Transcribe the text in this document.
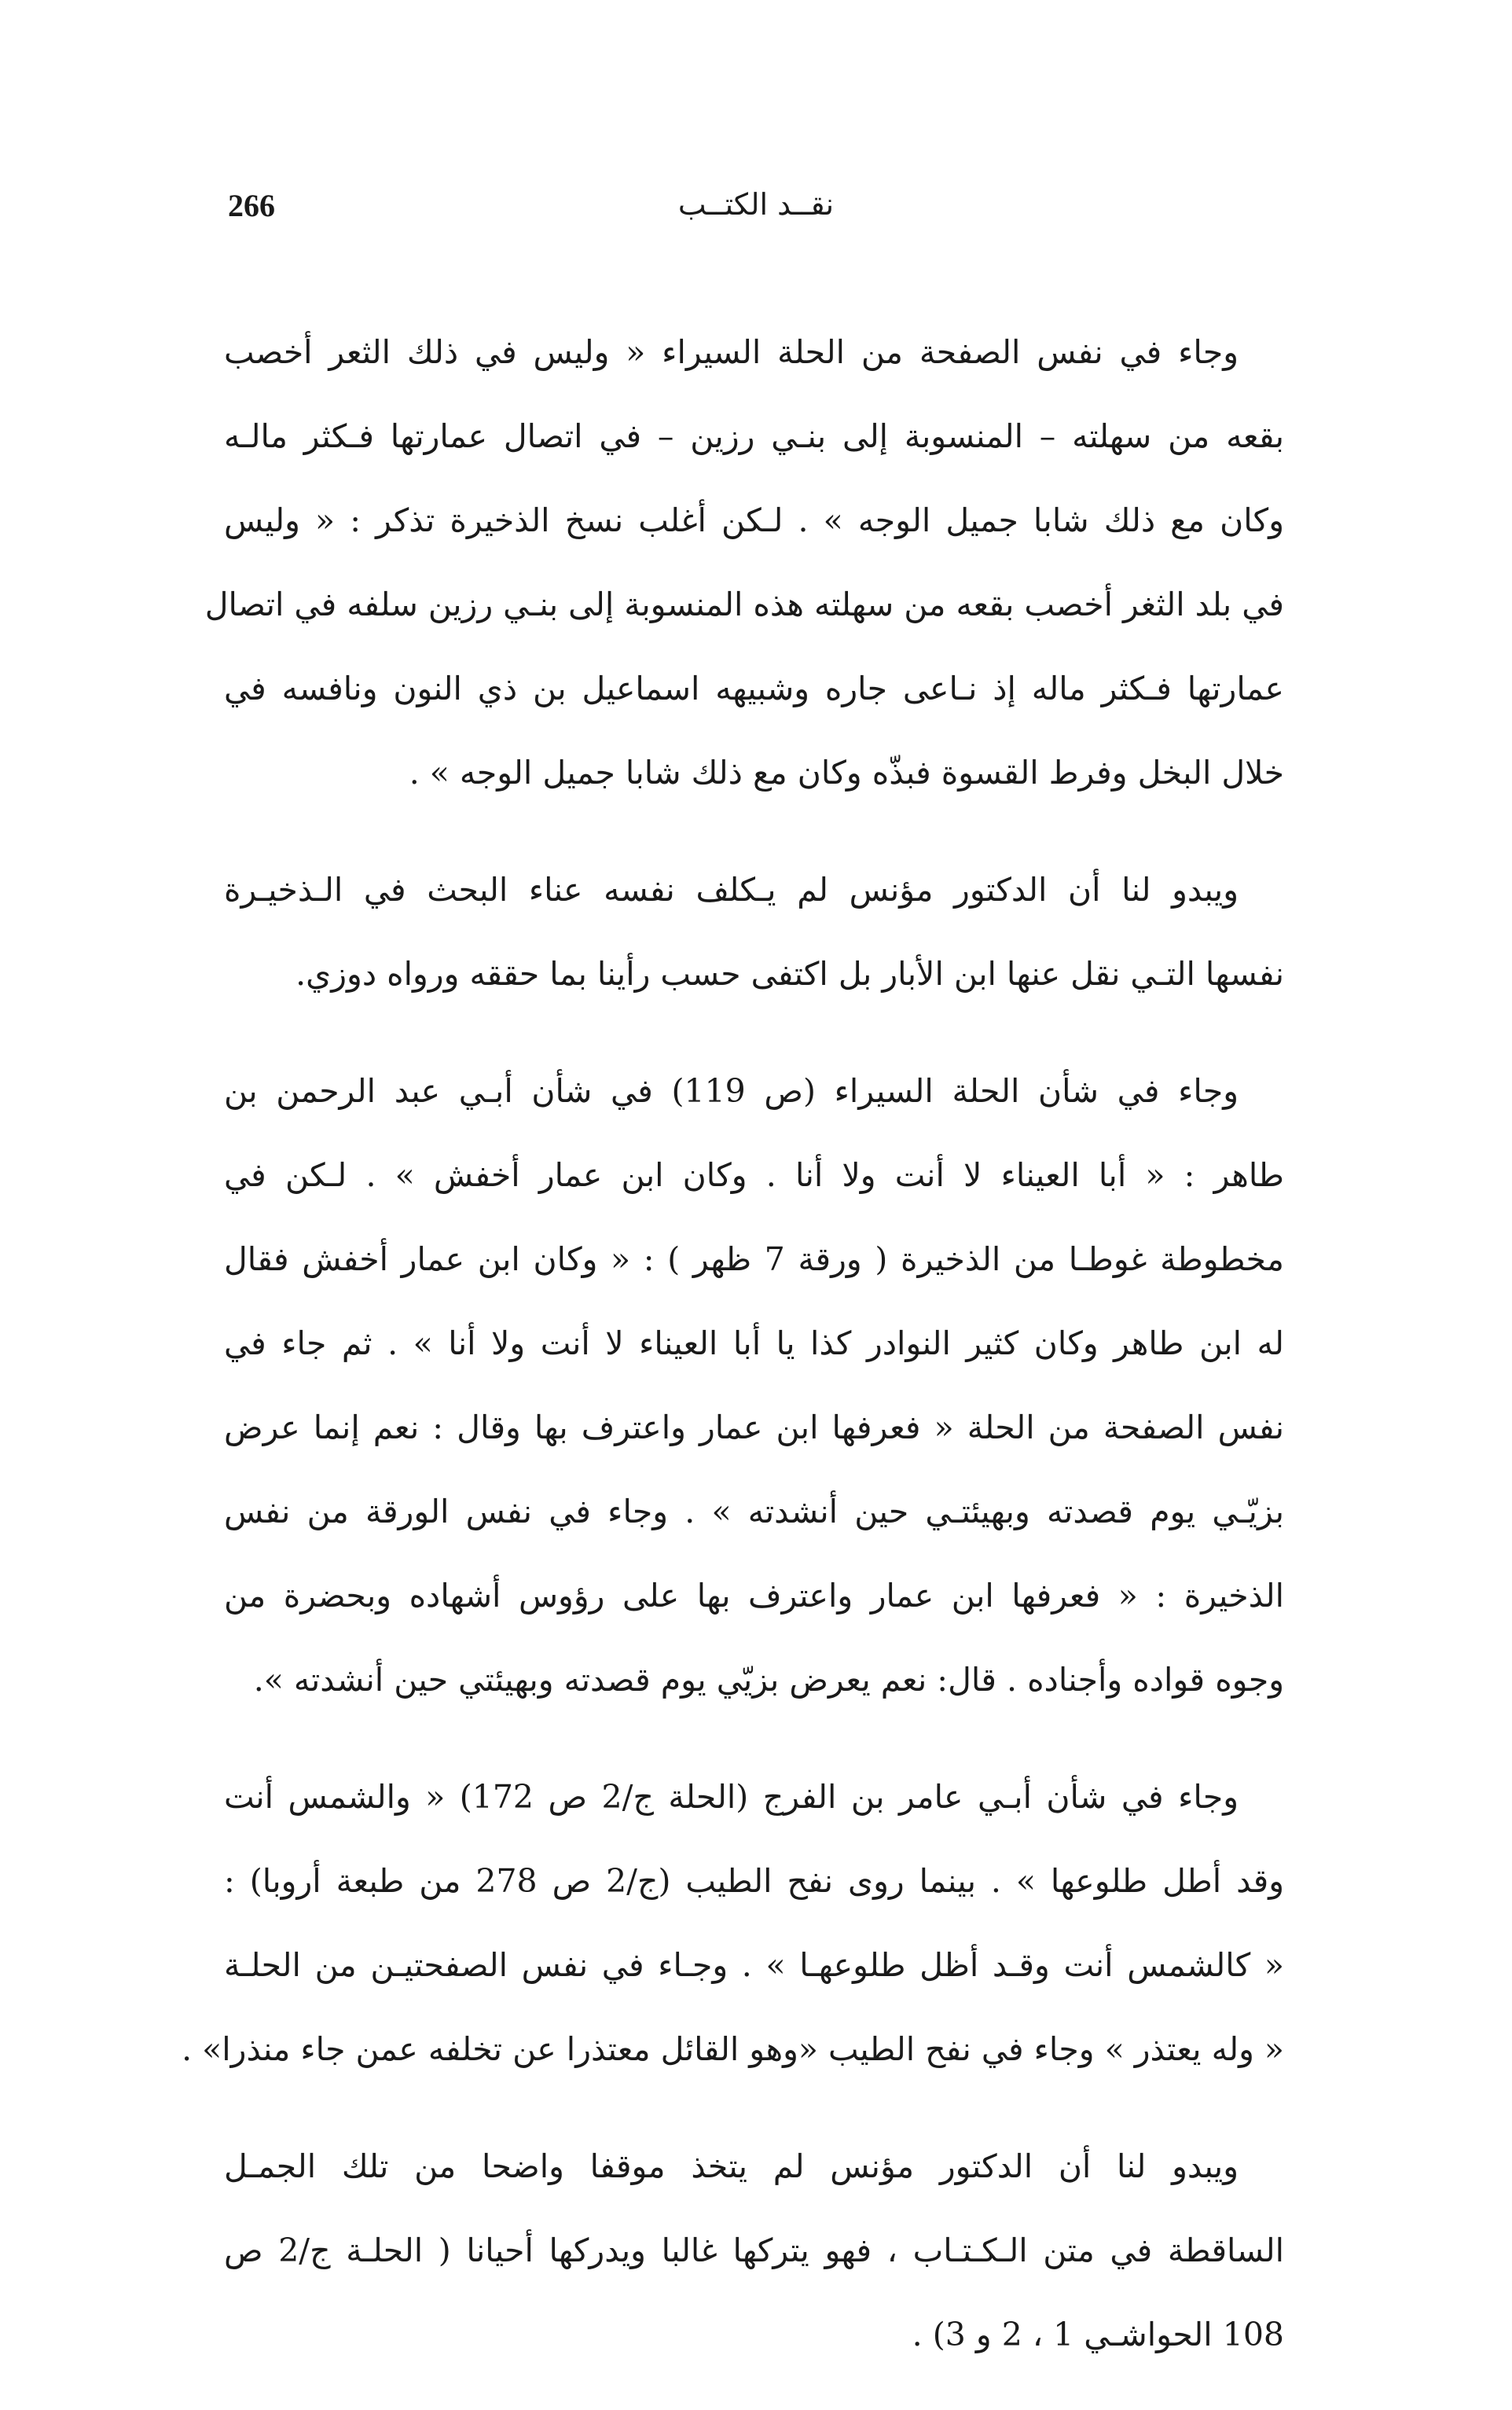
266	نقــد الكتــب

وجاء في نفس الصفحة من الحلة السيراء « وليس في ذلك الثعر أخصب
بقعه من سهلته – المنسوبة إلى بنـي رزين – في اتصال عمارتها فـكثر مالـه
وكان مع ذلك شابا جميل الوجه » . لـكن أغلب نسخ الذخيرة تذكر : « وليس
في بلد الثغر أخصب بقعه من سهلته هذه المنسوبة إلى بنـي رزين سلفه في اتصال
عمارتها فـكثر ماله إذ نـاعى جاره وشبيهه اسماعيل بن ذي النون ونافسه في
خلال البخل وفرط القسوة فبذّه وكان مع ذلك شابا جميل الوجه » .

ويبدو لنا أن الدكتور مؤنس لم يـكلف نفسه عناء البحث في الـذخيـرة
نفسها التـي نقل عنها ابن الأبار بل اكتفى حسب رأينا بما حققه ورواه دوزي.

وجاء في شأن الحلة السيراء (ص 119) في شأن أبـي عبد الرحمن بن
طاهر : « أبا العيناء لا أنت ولا أنا . وكان ابن عمار أخفش » . لـكن في
مخطوطة غوطـا من الذخيرة ( ورقة 7 ظهر ) : « وكان ابن عمار أخفش فقال
له ابن طاهر وكان كثير النوادر كذا يا أبا العيناء لا أنت ولا أنا » . ثم جاء في
نفس الصفحة من الحلة « فعرفها ابن عمار واعترف بها وقال : نعم إنما عرض
بزيّـي يوم قصدته وبهيئتـي حين أنشدته » . وجاء في نفس الورقة من نفس
الذخيرة : « فعرفها ابن عمار واعترف بها على رؤوس أشهاده وبحضرة من
وجوه قواده وأجناده . قال: نعم يعرض بزيّي يوم قصدته وبهيئتي حين أنشدته ».

وجاء في شأن أبـي عامر بن الفرج (الحلة ج/2 ص 172) « والشمس أنت
وقد أطل طلوعها » . بينما روى نفح الطيب (ج/2 ص 278 من طبعة أروبا) :
« كالشمس أنت وقـد أظل طلوعهـا » . وجـاء في نفس الصفحتيـن من الحلـة
« وله يعتذر » وجاء في نفح الطيب «وهو القائل معتذرا عن تخلفه عمن جاء منذرا» .

ويبدو لنا أن الدكتور مؤنس لم يتخذ موقفا واضحا من تلك الجمـل
الساقطة في متن الـكـتـاب ، فهو يتركها غالبا ويدركها أحيانا ( الحلـة ج/2 ص
108 الحواشـي 1 ، 2 و 3) .
